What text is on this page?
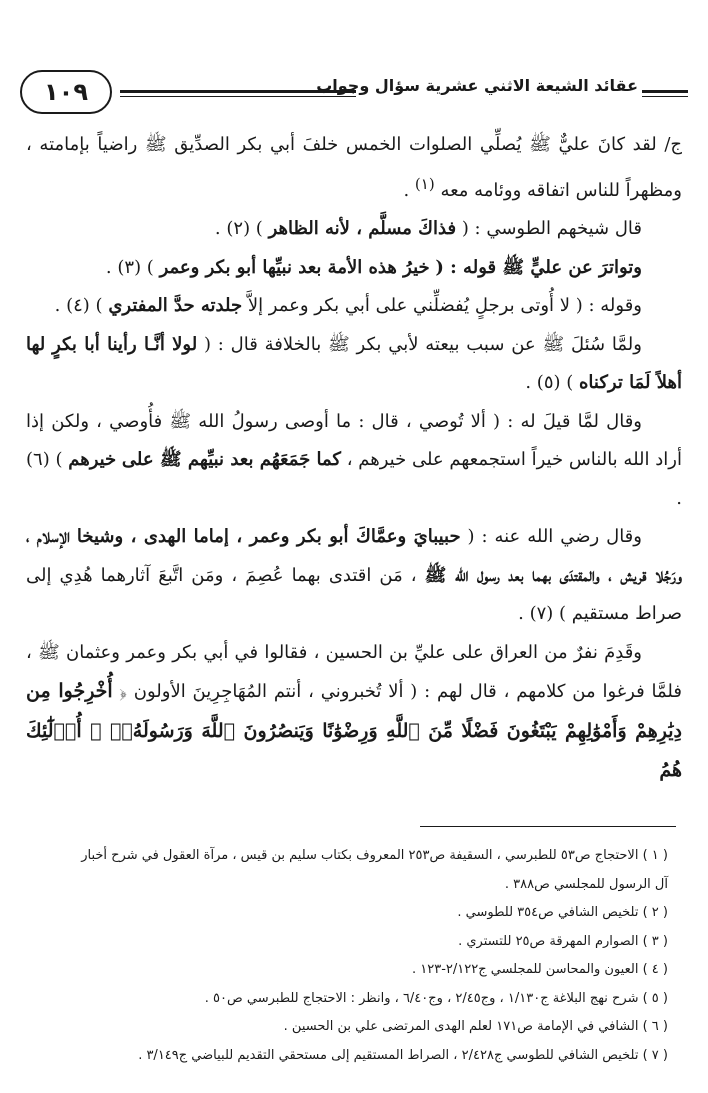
١٠٩	عقائد الشيعة الاثني عشرية سؤال وجواب

ج/ لقد كانَ عليٌّ ﷺ يُصلِّي الصلوات الخمس خلفَ أبي بكر الصدِّيق ﷺ راضياً بإمامته ، ومظهراً للناس اتفاقه ووئامه معه $^{(١)}$ .

قال شيخهم الطوسي : ( فذاكَ مسلَّم ، لأنه الظاهر ) (٢) .

وتواترَ عن عليٍّ ﷺ قوله : ( خيرُ هذه الأمة بعد نبيِّها أبو بكر وعمر ) (٣) .

وقوله : ( لا أُوتى برجلٍ يُفضلِّني على أبي بكر وعمر إلاَّ جلدته حدَّ المفتري ) (٤) .

ولمَّا سُئلَ ﷺ عن سبب بيعته لأبي بكر ﷺ بالخلافة قال : ( لولا أنَّـا رأينا أبا بكرٍ لها أهلاً لَمَا تركناه ) (٥) .

وقال لمَّا قيلَ له : ( ألا تُوصي ، قال : ما أوصى رسولُ الله ﷺ فأُوصي ، ولكن إذا أراد الله بالناس خيراً استجمعهم على خيرهم ، كما جَمَعَهُم بعد نبيِّهم ﷺ على خيرهم ) (٦) .

وقال رضي الله عنه : ( حبيبايَ وعمَّاكَ أبو بكر وعمر ، إماما الهدى ، وشيخا الإسلام ، ورَجُلا قريش ، والمقتدَى بهما بعد رسول الله ﷺ ، مَن اقتدى بهما عُصِمَ ، ومَن اتَّبعَ آثارهما هُدِي إلى صراط مستقيم ) (٧) .

وقَدِمَ نفرٌ من العراق على عليِّ بن الحسين ، فقالوا في أبي بكر وعمر وعثمان ﷺ ، فلمَّا فرغوا من كلامهم ، قال لهم : ( ألا تُخبروني ، أنتم المُهَاجِرِينَ الأولون ﴿ أُخْرِجُوا مِن دِيَٰرِهِمْ وَأَمْوَٰلِهِمْ يَبْتَغُونَ فَضْلًا مِّنَ ٱللَّهِ وَرِضْوَٰنًا وَيَنصُرُونَ ٱللَّهَ وَرَسُولَهُۥٓ ۚ أُو۟لَٰٓئِكَ هُمُ

( ١ ) الاحتجاج ص٥٣ للطبرسي ، السقيفة ص٢٥٣ المعروف بكتاب سليم بن قيس ، مرآة العقول في شرح أخبار

آل الرسول للمجلسي ص٣٨٨ .

( ٢ ) تلخيص الشافي ص٣٥٤ للطوسي .

( ٣ ) الصوارم المهرقة ص٢٥ للتستري .

( ٤ ) العيون والمحاسن للمجلسي ج٢/١٢٢-١٢٣ .

( ٥ ) شرح نهج البلاغة ج١/١٣٠ ، وج٢/٤٥ ، وج٦/٤٠ ، وانظر : الاحتجاج للطبرسي ص٥٠ .

( ٦ ) الشافي في الإمامة ص١٧١ لعلم الهدى المرتضى علي بن الحسين .

( ٧ ) تلخيص الشافي للطوسي ج٢/٤٢٨ ، الصراط المستقيم إلى مستحقي التقديم للبياضي ج٣/١٤٩ .
